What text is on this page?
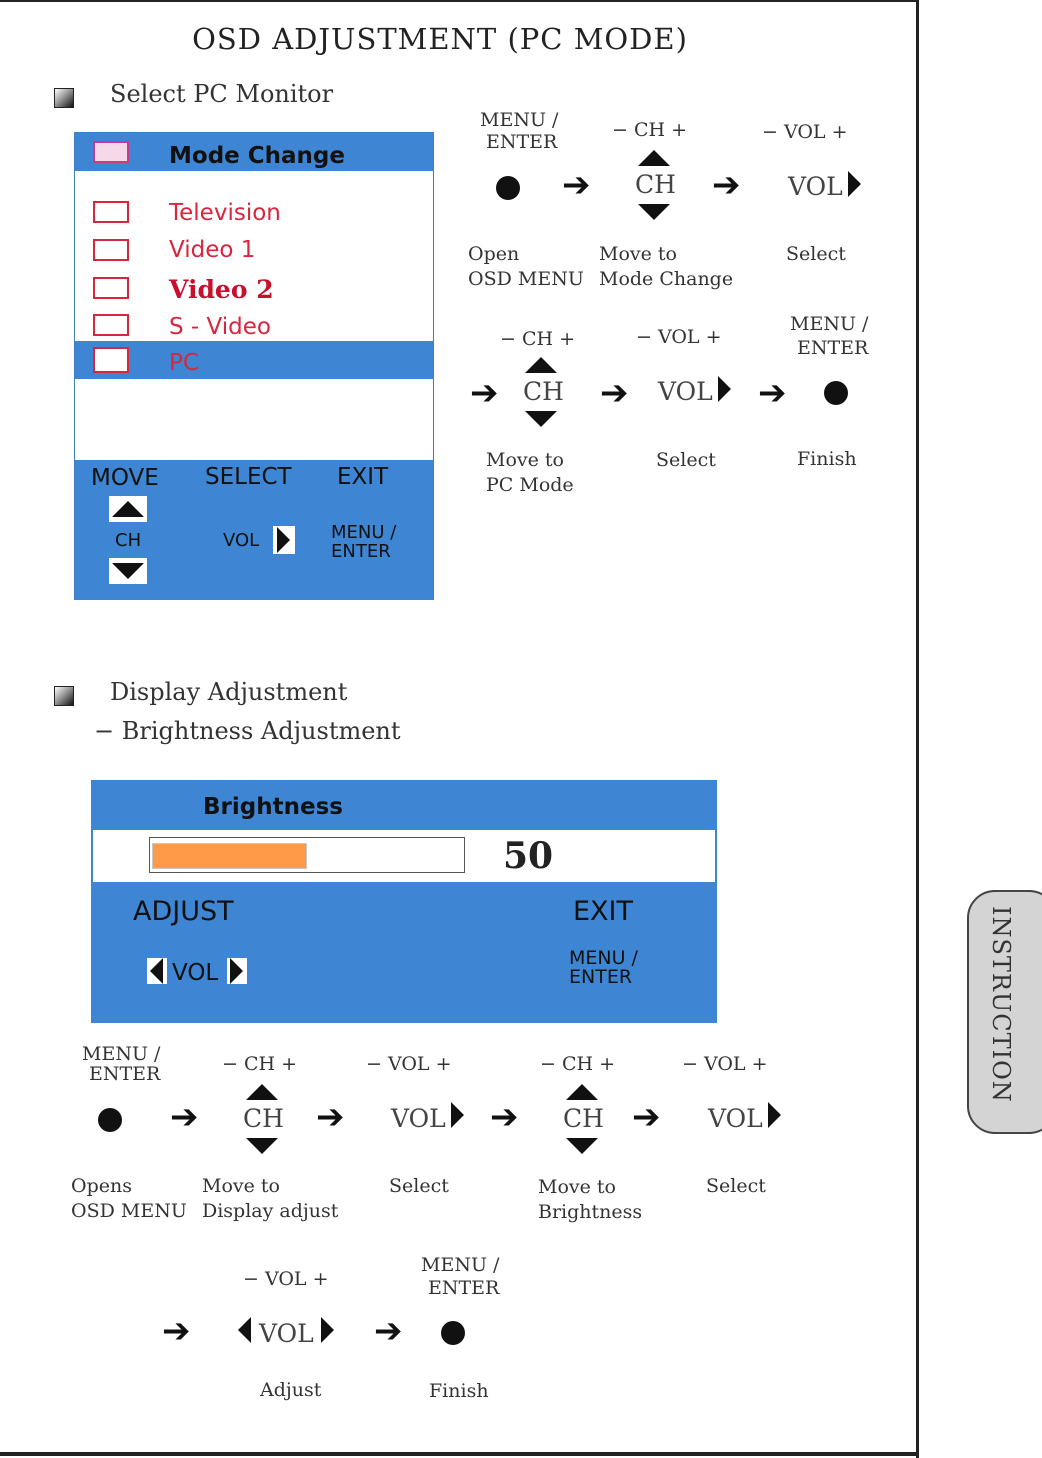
OSD ADJUSTMENT (PC MODE)
Select PC Monitor
Mode Change
Television
Video 1
Video 2
S - Video
PC
MOVE SELECT EXIT
CH	VOL	MENU /
ENTER
MENU /
ENTER
➔
− CH +
CH ➔
− VOL +
VOL
Open
OSD MENU
Move to
Mode Change
Select
− CH +	− VOL +
MENU /
ENTER
➔ CH ➔ VOL ➔
Move to
PC Mode
Select	Finish
Display Adjustment
− Brightness Adjustment
Brightness
50
ADJUST	EXIT
VOL
MENU /
ENTER
MENU /
ENTER
➔
− CH +
CH ➔
− VOL +
VOL ➔
− CH +
CH ➔
− VOL +
VOL
Opens
OSD MENU
Move to
Display adjust
Select	Move to
Brightness
Select
− VOL +
MENU /
ENTER
➔	VOL ➔
Adjust	Finish
INSTRUCTION
